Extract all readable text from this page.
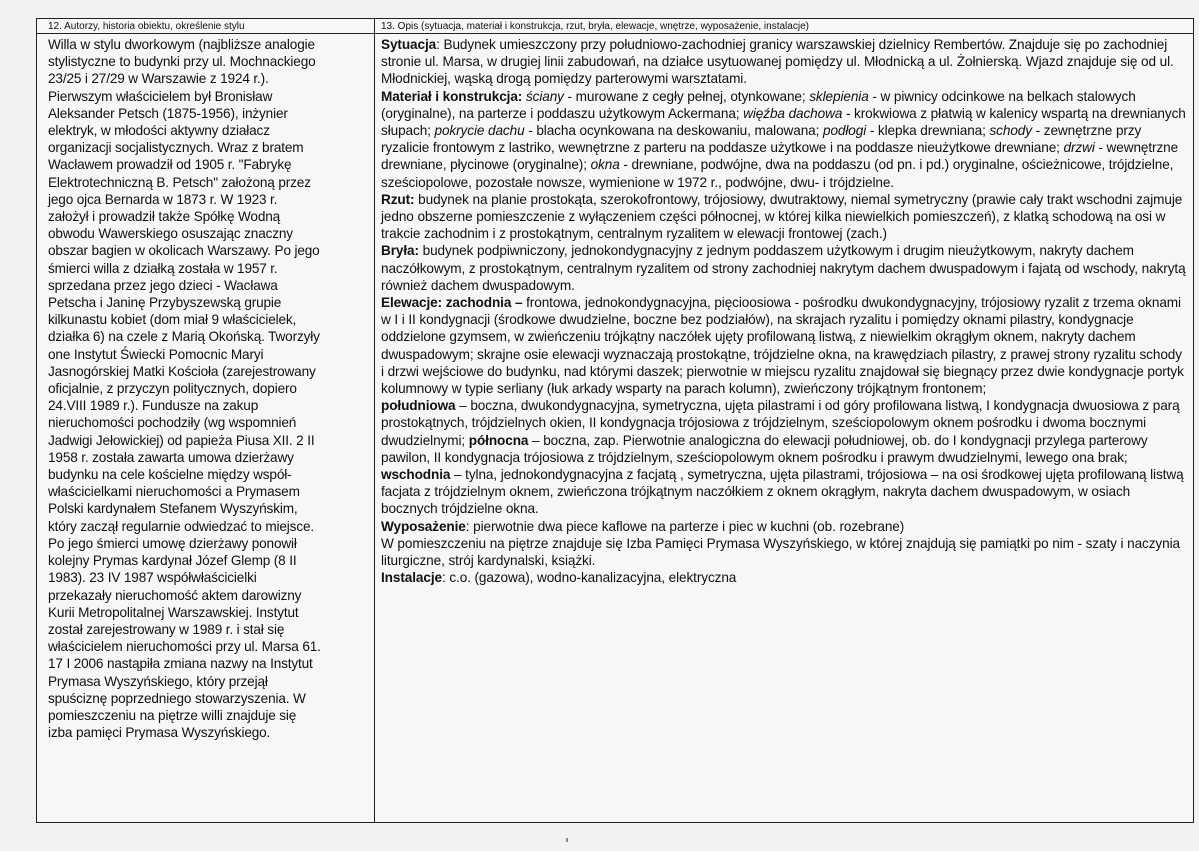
12. Autorzy, historia obiektu, określenie stylu

Willa w stylu dworkowym (najbliższe analogie

stylistyczne to budynki przy ul. Mochnackiego

23/25 i 27/29 w Warszawie z 1924 r.).

Pierwszym właścicielem był Bronisław

Aleksander Petsch (1875-1956), inżynier

elektryk, w młodości aktywny działacz

organizacji socjalistycznych. Wraz z bratem

Wacławem prowadził od 1905 r. "Fabrykę

Elektrotechniczną B. Petsch" założoną przez

jego ojca Bernarda w 1873 r. W 1923 r.

założył i prowadził także Spółkę Wodną

obwodu Wawerskiego osuszając znaczny

obszar bagien w okolicach Warszawy. Po jego

śmierci willa z działką została w 1957 r.

sprzedana przez jego dzieci - Wacława

Petscha i Janinę Przybyszewską grupie

kilkunastu kobiet (dom miał 9 właścicielek,

działka 6) na czele z Marią Okońską. Tworzyły

one Instytut Świecki Pomocnic Maryi

Jasnogórskiej Matki Kościoła (zarejestrowany

oficjalnie, z przyczyn politycznych, dopiero

24.VIII 1989 r.). Fundusze na zakup

nieruchomości pochodziły (wg wspomnień

Jadwigi Jełowickiej) od papieża Piusa XII. 2 II

1958 r. została zawarta umowa dzierżawy

budynku na cele kościelne między współ-

właścicielkami nieruchomości a Prymasem

Polski kardynałem Stefanem Wyszyńskim,

który zaczął regularnie odwiedzać to miejsce.

Po jego śmierci umowę dzierżawy ponowił

kolejny Prymas kardynał Józef Glemp (8 II

1983). 23 IV 1987 współwłaścicielki

przekazały nieruchomość aktem darowizny

Kurii Metropolitalnej Warszawskiej. Instytut

został zarejestrowany w 1989 r. i stał się

właścicielem nieruchomości przy ul. Marsa 61.

17 I 2006 nastąpiła zmiana nazwy na Instytut

Prymasa Wyszyńskiego, który przejął

spuściznę poprzedniego stowarzyszenia. W

pomieszczeniu na piętrze willi znajduje się

izba pamięci Prymasa Wyszyńskiego.

13. Opis (sytuacja, materiał i konstrukcja, rzut, bryła, elewacje, wnętrze, wyposażenie, instalacje)

Sytuacja: Budynek umieszczony przy południowo-zachodniej granicy warszawskiej dzielnicy Rembertów. Znajduje się po zachodniej stronie ul. Marsa, w drugiej linii zabudowań, na działce usytuowanej pomiędzy ul. Młodnicką a ul. Żołnierską. Wjazd znajduje się od ul. Młodnickiej, wąską drogą pomiędzy parterowymi warsztatami.

Materiał i konstrukcja: ściany - murowane z cegły pełnej, otynkowane; sklepienia - w piwnicy odcinkowe na belkach stalowych (oryginalne), na parterze i poddaszu użytkowym Ackermana; więźba dachowa - krokwiowa z płatwią w kalenicy wspartą na drewnianych słupach; pokrycie dachu - blacha ocynkowana na deskowaniu, malowana; podłogi - klepka drewniana; schody - zewnętrzne przy ryzalicie frontowym z lastriko, wewnętrzne z parteru na poddasze użytkowe i na poddasze nieużytkowe drewniane; drzwi - wewnętrzne drewniane, płycinowe (oryginalne); okna - drewniane, podwójne, dwa na poddaszu (od pn. i pd.) oryginalne, ościeżnicowe, trójdzielne, sześciopolowe, pozostałe nowsze, wymienione w 1972 r., podwójne, dwu- i trójdzielne.

Rzut: budynek na planie prostokąta, szerokofrontowy, trójosiowy, dwutraktowy, niemal symetryczny (prawie cały trakt wschodni zajmuje jedno obszerne pomieszczenie z wyłączeniem części północnej, w której kilka niewielkich pomieszczeń), z klatką schodową na osi w trakcie zachodnim i z prostokątnym, centralnym ryzalitem w elewacji frontowej (zach.)

Bryła: budynek podpiwniczony, jednokondygnacyjny z jednym poddaszem użytkowym i drugim nieużytkowym, nakryty dachem naczółkowym, z prostokątnym, centralnym ryzalitem od strony zachodniej nakrytym dachem dwuspadowym i fajatą od wschody, nakrytą również dachem dwuspadowym.

Elewacje: zachodnia – frontowa, jednokondygnacyjna, pięcioosiowa - pośrodku dwukondygnacyjny, trójosiowy ryzalit z trzema oknami w I i II kondygnacji (środkowe dwudzielne, boczne bez podziałów), na skrajach ryzalitu i pomiędzy oknami pilastry, kondygnacje oddzielone gzymsem, w zwieńczeniu trójkątny naczółek ujęty profilowaną listwą, z niewielkim okrągłym oknem, nakryty dachem dwuspadowym; skrajne osie elewacji wyznaczają prostokątne, trójdzielne okna, na krawędziach pilastry, z prawej strony ryzalitu schody i drzwi wejściowe do budynku, nad którymi daszek; pierwotnie w miejscu ryzalitu znajdował się biegnący przez dwie kondygnacje portyk kolumnowy w typie serliany (łuk arkady wsparty na parach kolumn), zwieńczony trójkątnym frontonem;
południowa – boczna, dwukondygnacyjna, symetryczna, ujęta pilastrami i od góry profilowana listwą, I kondygnacja dwuosiowa z parą prostokątnych, trójdzielnych okien, II kondygnacja trójosiowa z trójdzielnym, sześciopolowym oknem pośrodku i dwoma bocznymi dwudzielnymi; północna – boczna, zap. Pierwotnie analogiczna do elewacji południowej, ob. do I kondygnacji przylega parterowy pawilon, II kondygnacja trójosiowa z trójdzielnym, sześciopolowym oknem pośrodku i prawym dwudzielnymi, lewego ona brak; wschodnia – tylna, jednokondygnacyjna z facjatą , symetryczna, ujęta pilastrami, trójosiowa – na osi środkowej ujęta profilowaną listwą facjata z trójdzielnym oknem, zwieńczona trójkątnym naczółkiem z oknem okrągłym, nakryta dachem dwuspadowym, w osiach bocznych trójdzielne okna.

Wyposażenie: pierwotnie dwa piece kaflowe na parterze i piec w kuchni (ob. rozebrane)

W pomieszczeniu na piętrze znajduje się Izba Pamięci Prymasa Wyszyńskiego, w której znajdują się pamiątki po nim - szaty i naczynia liturgiczne, strój kardynalski, książki.

Instalacje: c.o. (gazowa), wodno-kanalizacyjna, elektryczna
